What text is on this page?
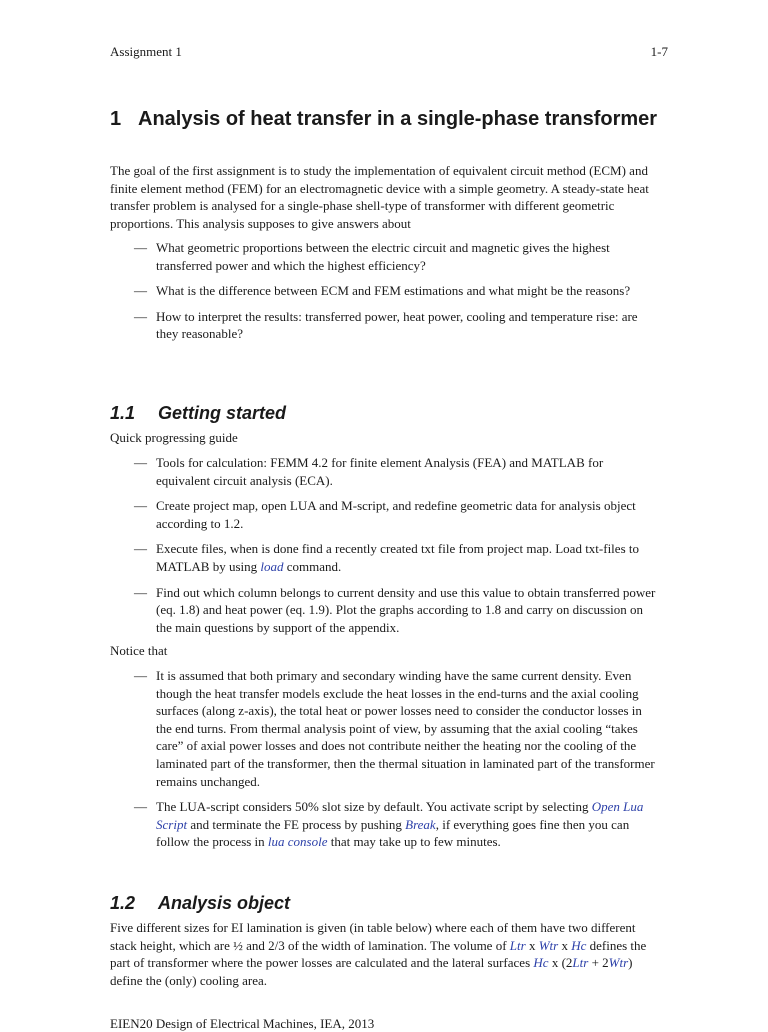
Assignment 1	1-7
1 Analysis of heat transfer in a single-phase transformer

The goal of the first assignment is to study the implementation of equivalent circuit method (ECM) and finite element method (FEM) for an electromagnetic device with a simple geometry. A steady-state heat transfer problem is analysed for a single-phase shell-type of transformer with different geometric proportions. This analysis supposes to give answers about

— What geometric proportions between the electric circuit and magnetic gives the highest transferred power and which the highest efficiency?
— What is the difference between ECM and FEM estimations and what might be the reasons?
— How to interpret the results: transferred power, heat power, cooling and temperature rise: are they reasonable?
1.1	Getting started

Quick progressing guide

— Tools for calculation: FEMM 4.2 for finite element Analysis (FEA) and MATLAB for equivalent circuit analysis (ECA).
— Create project map, open LUA and M-script, and redefine geometric data for analysis object according to 1.2.
— Execute files, when is done find a recently created txt file from project map. Load txt-files to MATLAB by using load command.
— Find out which column belongs to current density and use this value to obtain transferred power (eq. 1.8) and heat power (eq. 1.9). Plot the graphs according to 1.8 and carry on discussion on the main questions by support of the appendix.

Notice that

— It is assumed that both primary and secondary winding have the same current density. Even though the heat transfer models exclude the heat losses in the end-turns and the axial cooling surfaces (along z-axis), the total heat or power losses need to consider the conductor losses in the end turns. From thermal analysis point of view, by assuming that the axial cooling “takes care” of axial power losses and does not contribute neither the heating nor the cooling of the laminated part of the transformer, then the thermal situation in laminated part of the transformer remains unchanged.
— The LUA-script considers 50% slot size by default. You activate script by selecting Open Lua Script and terminate the FE process by pushing Break, if everything goes fine then you can follow the process in lua console that may take up to few minutes.
1.2	Analysis object

Five different sizes for EI lamination is given (in table below) where each of them have two different stack height, which are ½ and 2/3 of the width of lamination. The volume of Ltr x Wtr x Hc defines the part of transformer where the power losses are calculated and the lateral surfaces Hc x (2Ltr + 2Wtr) define the (only) cooling area.

EIEN20 Design of Electrical Machines, IEA, 2013
